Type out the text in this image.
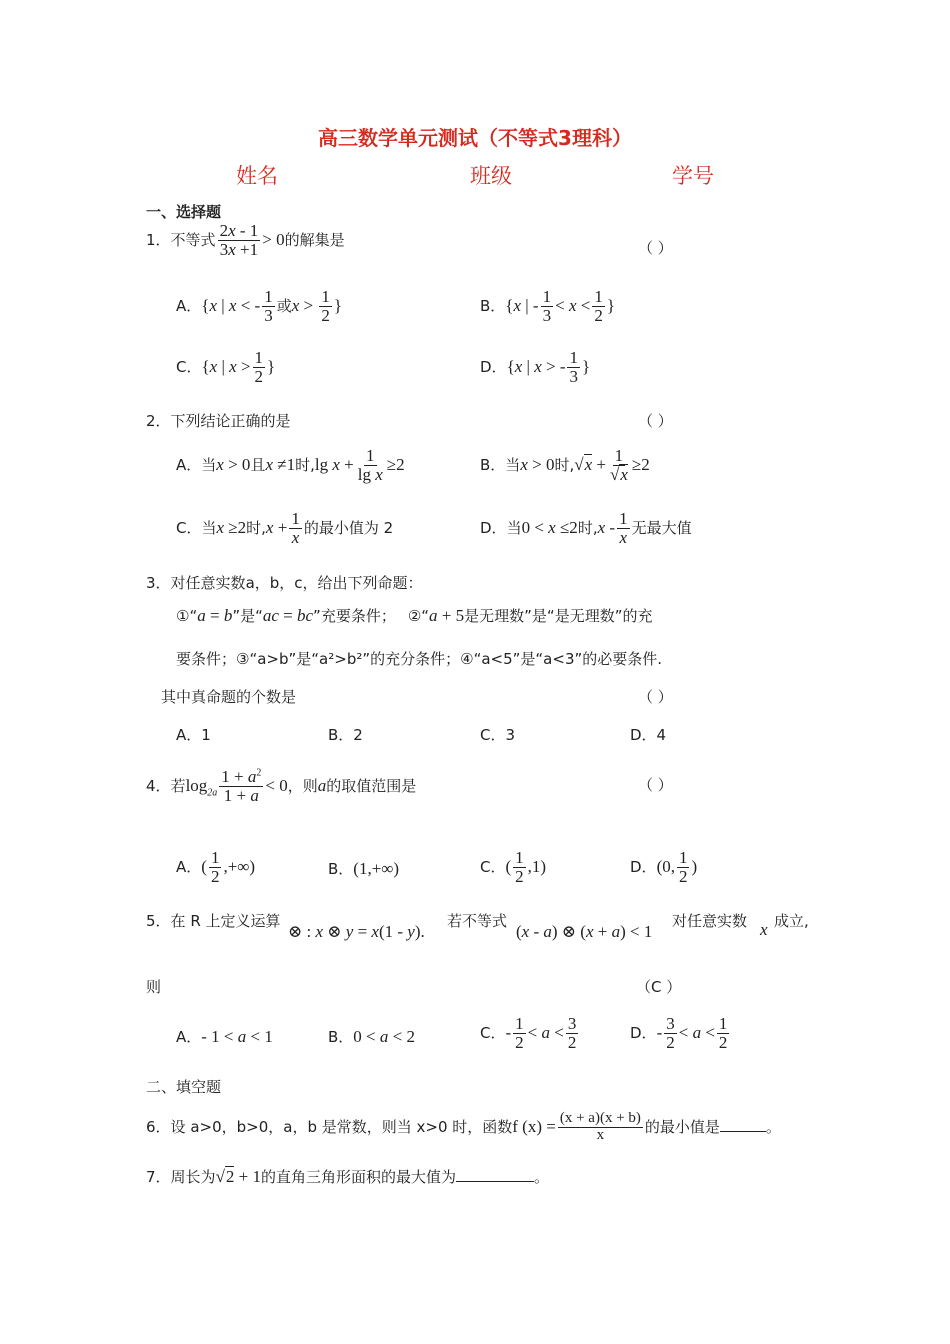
高三数学单元测试（不等式3理科）
姓名	班级	学号
一、选择题
1．不等式 $\frac{2x - 1}{3x +1} > 0$的解集是	（ ）
A．{x | x < - $\frac{1}{3}$ 或$x > \frac{1}{2}$ }	B．{x | - $\frac{1}{3} < x < \frac{1}{2}$ }
C．{x | $x > \frac{1}{2}$ }	D．{x | x > - $\frac{1}{3}$ }
2．下列结论正确的是	（ ）
A．当x > 0且x ≠1时,lg $x + \frac{1}{\text{lg x}} \ge 2$	B．当x > 0时$,√x + \frac{1}{√x} \ge 2$
C．当x ≥2时$,x + \frac{1}{x}$ 的最小值为 2	D．当0 < x ≤2时,x - $\frac{1}{x}$ 无最大值
3．对任意实数a，b，c，给出下列命题：
①“a = b”是“ac = bc”充要条件； ②“a + 5是无理数”是“是无理数”的充
要条件；③“a>b”是“a²>b²”的充分条件；④“a<5”是“a<3”的必要条件.
其中真命题的个数是	（ ）
A．1	B．2	C．3	D．4
4．若$\log_{2a} \frac{1 + a^2}{1 + a} < 0$，则a的取值范围是	（ ）
A．( $\frac{1}{2}$ ,+∞)	B．(1,+∞)	C．( $\frac{1}{2} ,1$)	D．(0, $\frac{1}{2}$ )
5．在 R 上定义运算
⊗ : x ⊗ y = x(1 - y).
若不等式
(x - a) ⊗ (x + a) < 1
对任意实数 x 成立,
则	（C ）
A．- 1 < a < 1	B．0 < a < 2	C．- $\frac{1}{2} < a < \frac{3}{2}$	D．- $\frac{3}{2} < a < \frac{1}{2}$
二、填空题
6．设 a>0，b>0，a，b 是常数，则当 x>0 时，函数f $(x) = \frac{(x + a)(x + b)}{x}$ 的最小值是	。
7．周长为√2 + 1的直角三角形面积的最大值为	。
